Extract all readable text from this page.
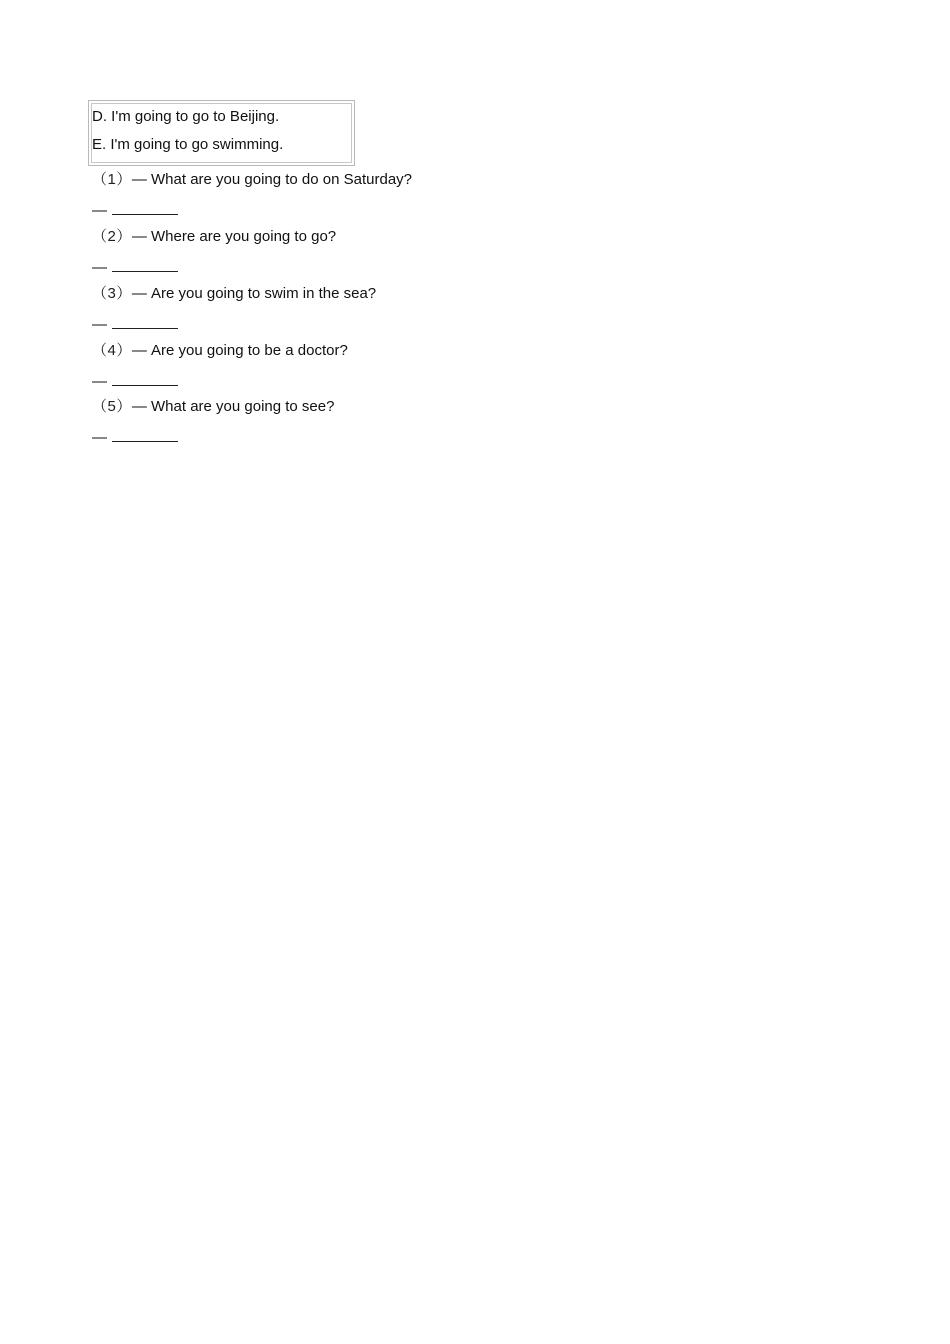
D. I'm going to go to Beijing.
E. I'm going to go swimming.
（1）— What are you going to do on Saturday?
—
（2）— Where are you going to go?
—
（3）— Are you going to swim in the sea?
—
（4）— Are you going to be a doctor?
—
（5）— What are you going to see?
—
